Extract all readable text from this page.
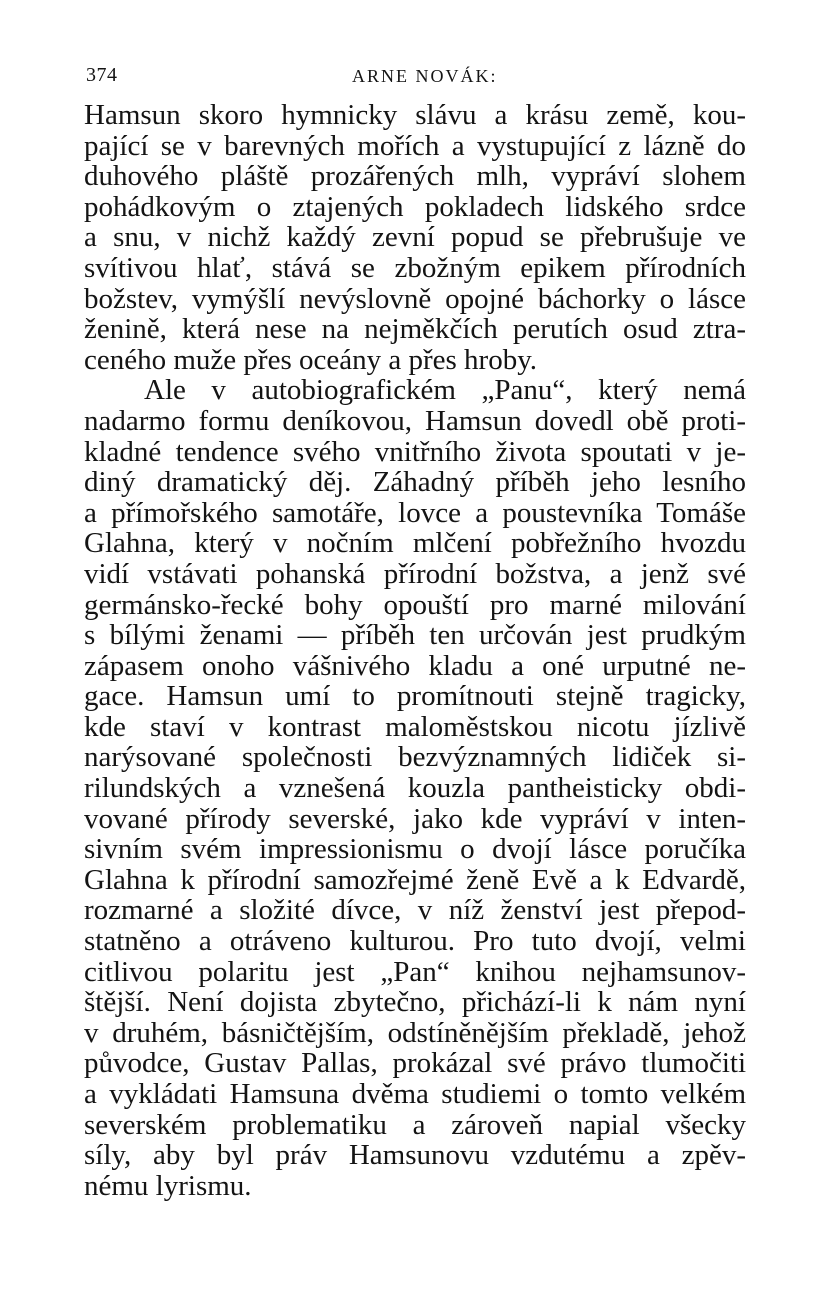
374	ARNE NOVÁK:

Hamsun skoro hymnicky slávu a krásu země, kou-
pající se v barevných mořích a vystupující z lázně do
duhového pláště prozářených mlh, vypráví slohem
pohádkovým o ztajených pokladech lidského srdce
a snu, v nichž každý zevní popud se přebrušuje ve
svítivou hlať, stává se zbožným epikem přírodních
božstev, vymýšlí nevýslovně opojné báchorky o lásce
ženině, která nese na nejměkčích perutích osud ztra-
ceného muže přes oceány a přes hroby.

Ale v autobiografickém „Panu“, který nemá
nadarmo formu deníkovou, Hamsun dovedl obě proti-
kladné tendence svého vnitřního života spoutati v je-
diný dramatický děj. Záhadný příběh jeho lesního
a přímořského samotáře, lovce a poustevníka Tomáše
Glahna, který v nočním mlčení pobřežního hvozdu
vidí vstávati pohanská přírodní božstva, a jenž své
germánsko-řecké bohy opouští pro marné milování
s bílými ženami — příběh ten určován jest prudkým
zápasem onoho vášnivého kladu a oné urputné ne-
gace. Hamsun umí to promítnouti stejně tragicky,
kde staví v kontrast maloměstskou nicotu jízlivě
narýsované společnosti bezvýznamných lidiček si-
rilundských a vznešená kouzla pantheisticky obdi-
vované přírody severské, jako kde vypráví v inten-
sivním svém impressionismu o dvojí lásce poručíka
Glahna k přírodní samozřejmé ženě Evě a k Edvardě,
rozmarné a složité dívce, v níž ženství jest přepod-
statněno a otráveno kulturou. Pro tuto dvojí, velmi
citlivou polaritu jest „Pan“ knihou nejhamsunov-
štější. Není dojista zbytečno, přichází-li k nám nyní
v druhém, básničtějším, odstíněnějším překladě, jehož
původce, Gustav Pallas, prokázal své právo tlumočiti
a vykládati Hamsuna dvěma studiemi o tomto velkém
severském problematiku a zároveň napial všecky
síly, aby byl práv Hamsunovu vzdutému a zpěv-
nému lyrismu.
